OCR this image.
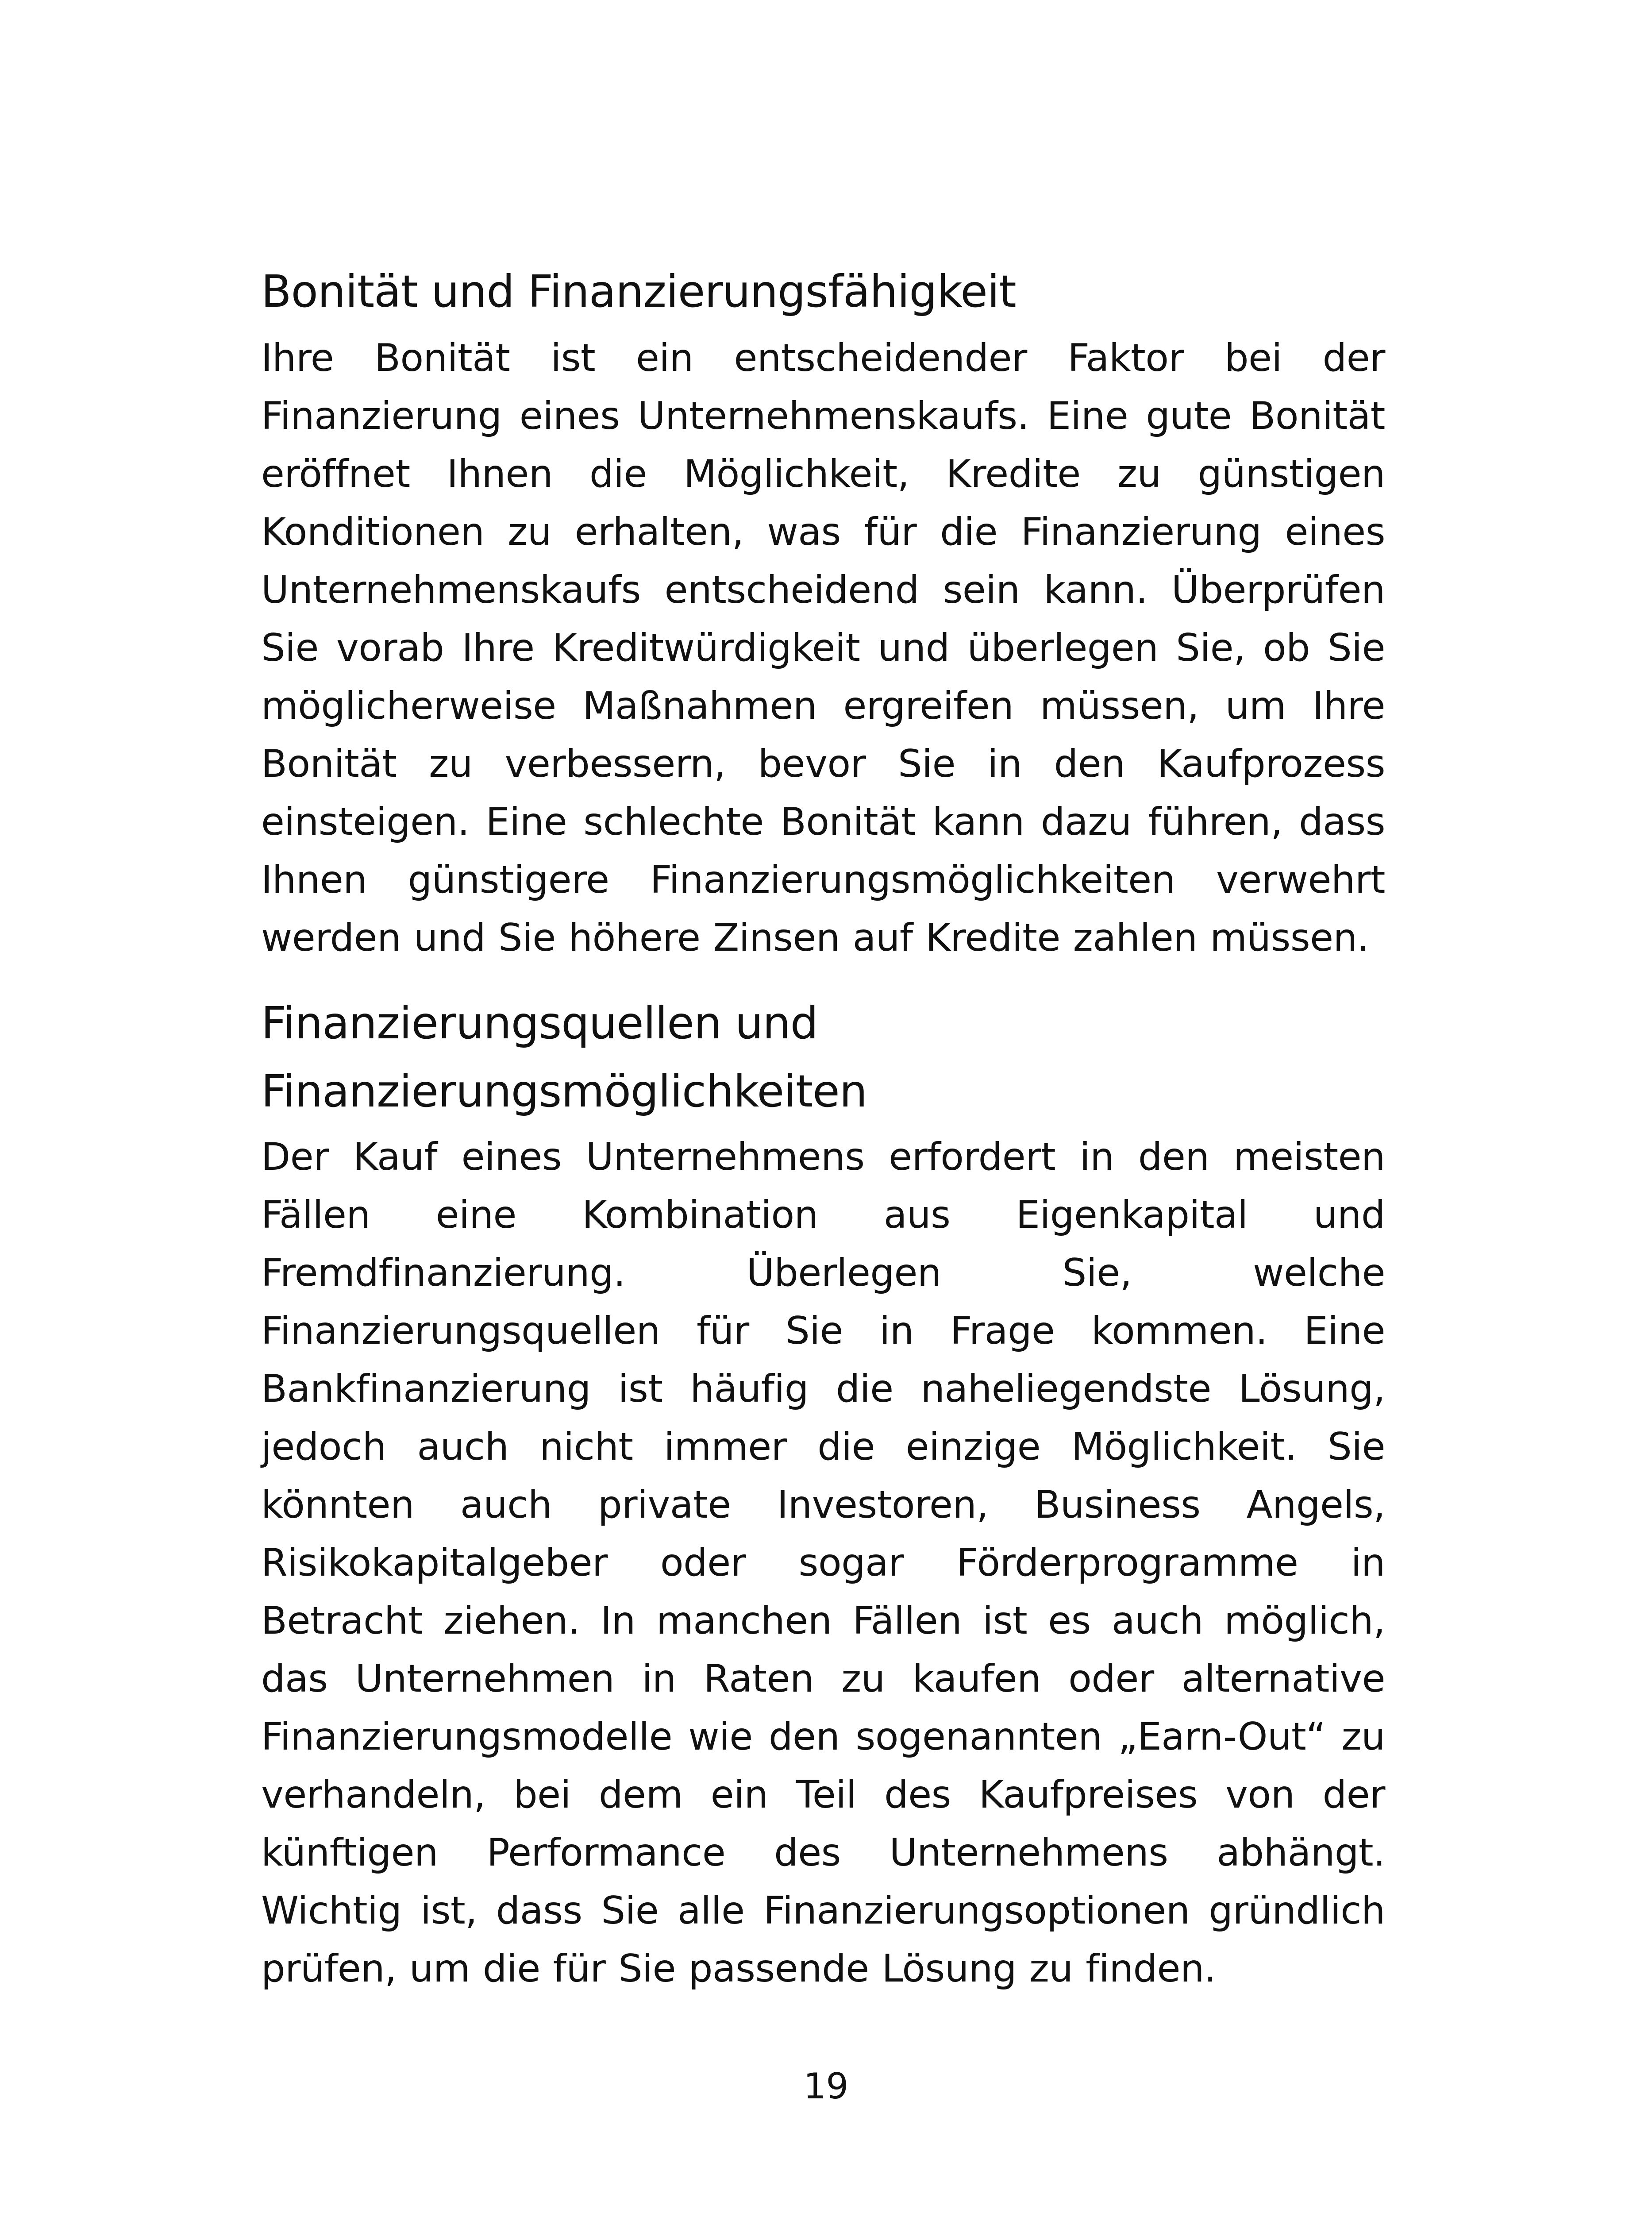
Bonität und Finanzierungsfähigkeit

Ihre Bonität ist ein entscheidender Faktor bei der Finanzierung eines Unternehmenskaufs. Eine gute Bonität eröffnet Ihnen die Möglichkeit, Kredite zu günstigen Konditionen zu erhalten, was für die Finanzierung eines Unternehmenskaufs entscheidend sein kann. Überprüfen Sie vorab Ihre Kreditwürdigkeit und überlegen Sie, ob Sie möglicherweise Maßnahmen ergreifen müssen, um Ihre Bonität zu verbessern, bevor Sie in den Kaufprozess einsteigen. Eine schlechte Bonität kann dazu führen, dass Ihnen günstigere Finanzierungsmöglichkeiten verwehrt werden und Sie höhere Zinsen auf Kredite zahlen müssen.

Finanzierungsquellen und
Finanzierungsmöglichkeiten

Der Kauf eines Unternehmens erfordert in den meisten Fällen eine Kombination aus Eigenkapital und Fremdfinanzierung. Überlegen Sie, welche Finanzierungsquellen für Sie in Frage kommen. Eine Bankfinanzierung ist häufig die naheliegendste Lösung, jedoch auch nicht immer die einzige Möglichkeit. Sie könnten auch private Investoren, Business Angels, Risikokapitalgeber oder sogar Förderprogramme in Betracht ziehen. In manchen Fällen ist es auch möglich, das Unternehmen in Raten zu kaufen oder alternative Finanzierungsmodelle wie den sogenannten „Earn-Out“ zu verhandeln, bei dem ein Teil des Kaufpreises von der künftigen Performance des Unternehmens abhängt. Wichtig ist, dass Sie alle Finanzierungsoptionen gründlich prüfen, um die für Sie passende Lösung zu finden.

19
